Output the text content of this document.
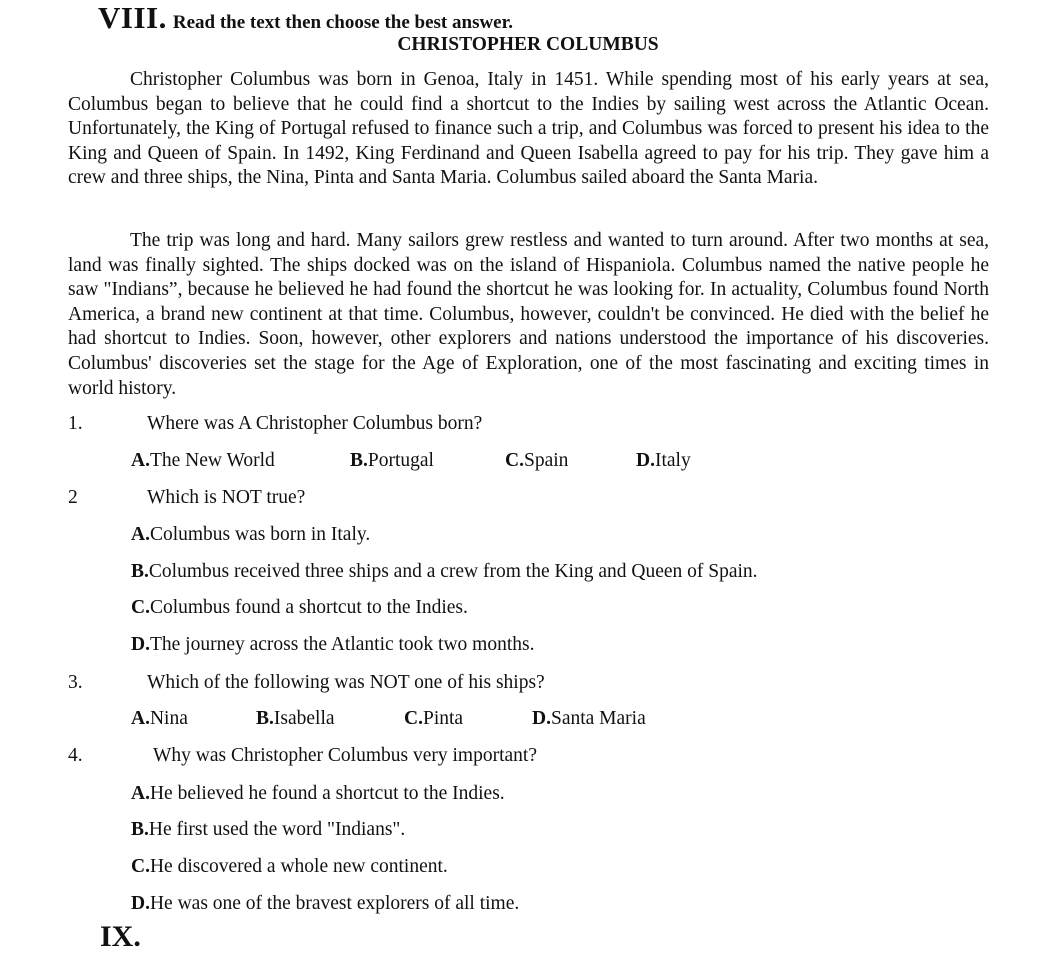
VIII. Read the text then choose the best answer.
CHRISTOPHER COLUMBUS

Christopher Columbus was born in Genoa, Italy in 1451. While spending most of his early years at sea, Columbus began to believe that he could find a shortcut to the Indies by sailing west across the Atlantic Ocean. Unfortunately, the King of Portugal refused to finance such a trip, and Columbus was forced to present his idea to the King and Queen of Spain. In 1492, King Ferdinand and Queen Isabella agreed to pay for his trip. They gave him a crew and three ships, the Nina, Pinta and Santa Maria. Columbus sailed aboard the Santa Maria.

The trip was long and hard. Many sailors grew restless and wanted to turn around. After two months at sea, land was finally sighted. The ships docked was on the island of Hispaniola. Columbus named the native people he saw "Indians”, because he believed he had found the shortcut he was looking for. In actuality, Columbus found North America, a brand new continent at that time. Columbus, however, couldn't be convinced. He died with the belief he had shortcut to Indies. Soon, however, other explorers and nations understood the importance of his discoveries. Columbus' discoveries set the stage for the Age of Exploration, one of the most fascinating and exciting times in world history.

1.	Where was A Christopher Columbus born?
A.The New World	B.Portugal	C.Spain	D.Italy
2	Which is NOT true?
A.Columbus was born in Italy.
B.Columbus received three ships and a crew from the King and Queen of Spain.
C.Columbus found a shortcut to the Indies.
D.The journey across the Atlantic took two months.
3.	Which of the following was NOT one of his ships?
A.Nina	B.Isabella	C.Pinta	D.Santa Maria
4.	Why was Christopher Columbus very important?
A.He believed he found a shortcut to the Indies.
B.He first used the word "Indians".
C.He discovered a whole new continent.
D.He was one of the bravest explorers of all time.
IX.
